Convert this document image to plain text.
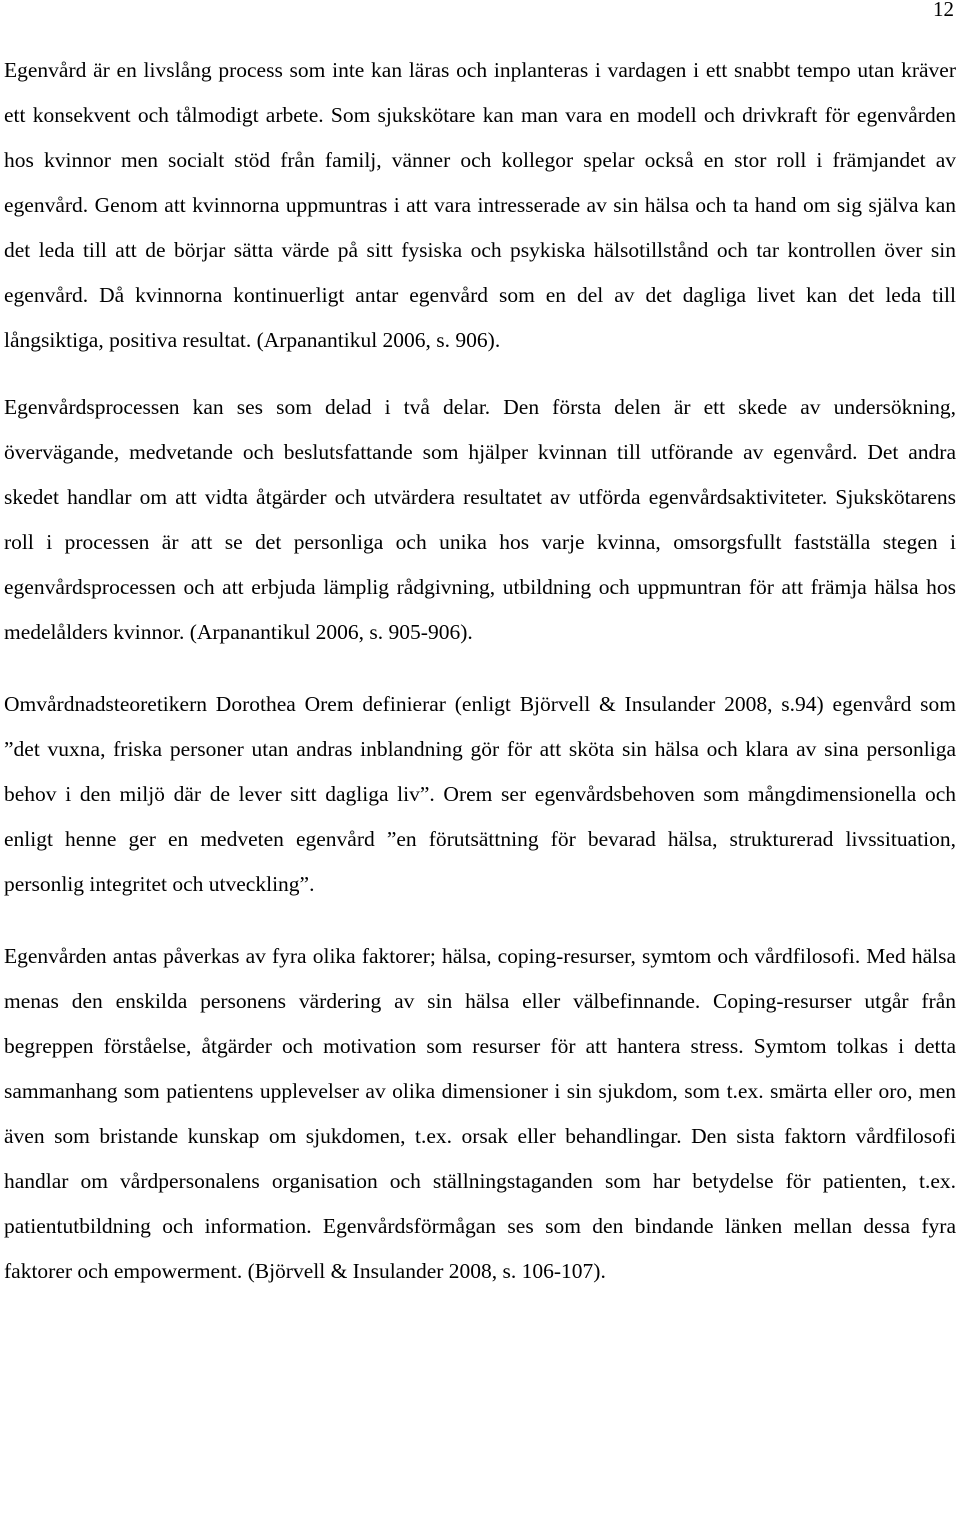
12

Egenvård är en livslång process som inte kan läras och inplanteras i vardagen i ett snabbt tempo utan kräver ett konsekvent och tålmodigt arbete. Som sjukskötare kan man vara en modell och drivkraft för egenvården hos kvinnor men socialt stöd från familj, vänner och kollegor spelar också en stor roll i främjandet av egenvård. Genom att kvinnorna uppmuntras i att vara intresserade av sin hälsa och ta hand om sig själva kan det leda till att de börjar sätta värde på sitt fysiska och psykiska hälsotillstånd och tar kontrollen över sin egenvård. Då kvinnorna kontinuerligt antar egenvård som en del av det dagliga livet kan det leda till långsiktiga, positiva resultat. (Arpanantikul 2006, s. 906).

Egenvårdsprocessen kan ses som delad i två delar. Den första delen är ett skede av undersökning, övervägande, medvetande och beslutsfattande som hjälper kvinnan till utförande av egenvård. Det andra skedet handlar om att vidta åtgärder och utvärdera resultatet av utförda egenvårdsaktiviteter. Sjukskötarens roll i processen är att se det personliga och unika hos varje kvinna, omsorgsfullt fastställa stegen i egenvårdsprocessen och att erbjuda lämplig rådgivning, utbildning och uppmuntran för att främja hälsa hos medelålders kvinnor. (Arpanantikul 2006, s. 905-906).

Omvårdnadsteoretikern Dorothea Orem definierar (enligt Björvell & Insulander 2008, s.94) egenvård som ”det vuxna, friska personer utan andras inblandning gör för att sköta sin hälsa och klara av sina personliga behov i den miljö där de lever sitt dagliga liv”. Orem ser egenvårdsbehoven som mångdimensionella och enligt henne ger en medveten egenvård ”en förutsättning för bevarad hälsa, strukturerad livssituation, personlig integritet och utveckling”.

Egenvården antas påverkas av fyra olika faktorer; hälsa, coping-resurser, symtom och vårdfilosofi. Med hälsa menas den enskilda personens värdering av sin hälsa eller välbefinnande. Coping-resurser utgår från begreppen förståelse, åtgärder och motivation som resurser för att hantera stress. Symtom tolkas i detta sammanhang som patientens upplevelser av olika dimensioner i sin sjukdom, som t.ex. smärta eller oro, men även som bristande kunskap om sjukdomen, t.ex. orsak eller behandlingar. Den sista faktorn vårdfilosofi handlar om vårdpersonalens organisation och ställningstaganden som har betydelse för patienten, t.ex. patientutbildning och information. Egenvårdsförmågan ses som den bindande länken mellan dessa fyra faktorer och empowerment. (Björvell & Insulander 2008, s. 106-107).
